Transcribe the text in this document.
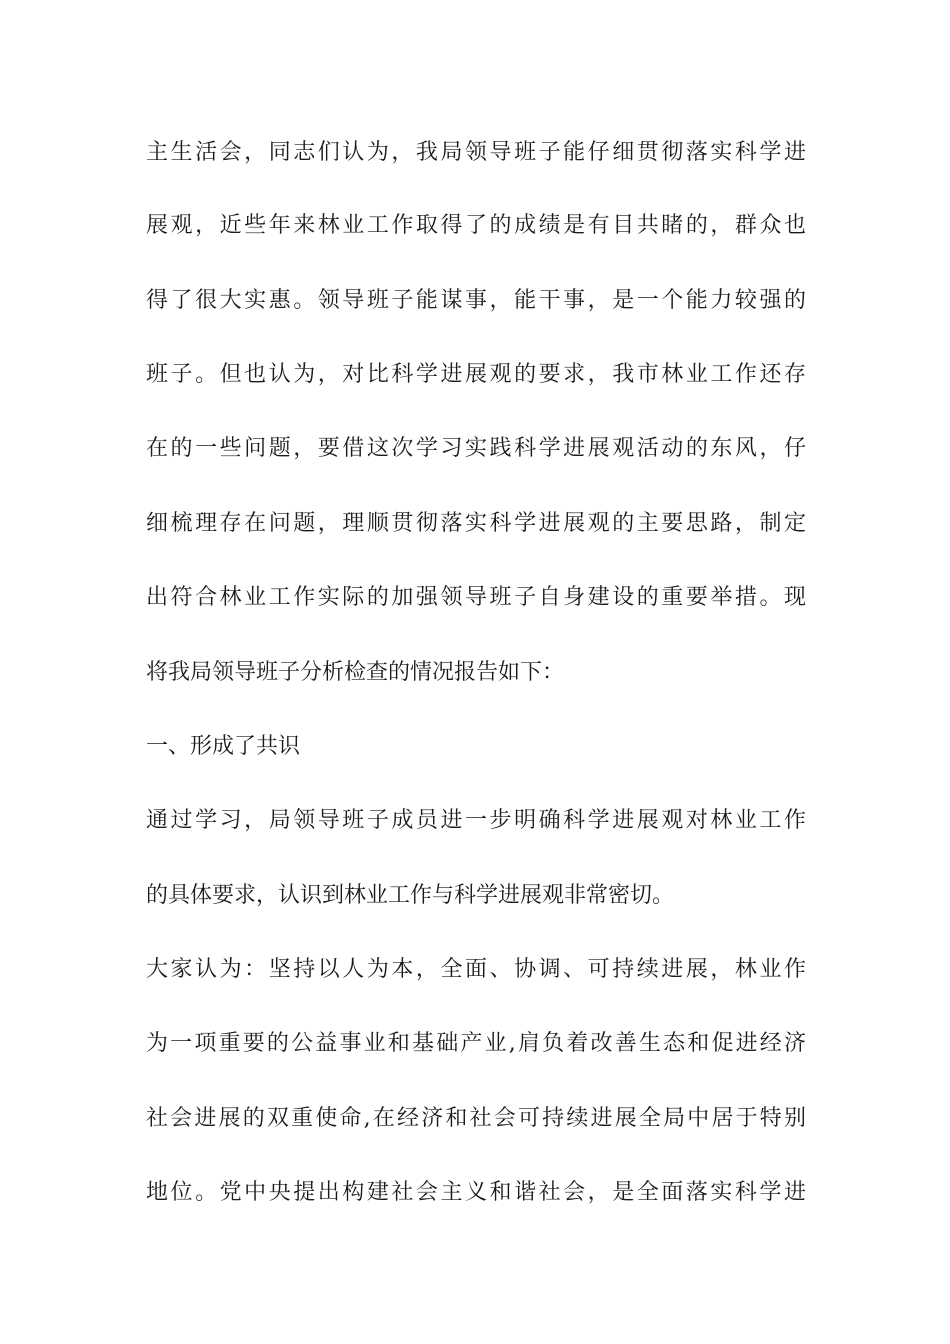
主生活会，同志们认为，我局领导班子能仔细贯彻落实科学进
展观，近些年来林业工作取得了的成绩是有目共睹的，群众也
得了很大实惠。领导班子能谋事，能干事，是一个能力较强的
班子。但也认为，对比科学进展观的要求，我市林业工作还存
在的一些问题，要借这次学习实践科学进展观活动的东风，仔
细梳理存在问题，理顺贯彻落实科学进展观的主要思路，制定
出符合林业工作实际的加强领导班子自身建设的重要举措。现
将我局领导班子分析检查的情况报告如下：
一、形成了共识
通过学习，局领导班子成员进一步明确科学进展观对林业工作
的具体要求，认识到林业工作与科学进展观非常密切。
大家认为：坚持以人为本，全面、协调、可持续进展，林业作
为一项重要的公益事业和基础产业,肩负着改善生态和促进经济
社会进展的双重使命,在经济和社会可持续进展全局中居于特别
地位。党中央提出构建社会主义和谐社会，是全面落实科学进
